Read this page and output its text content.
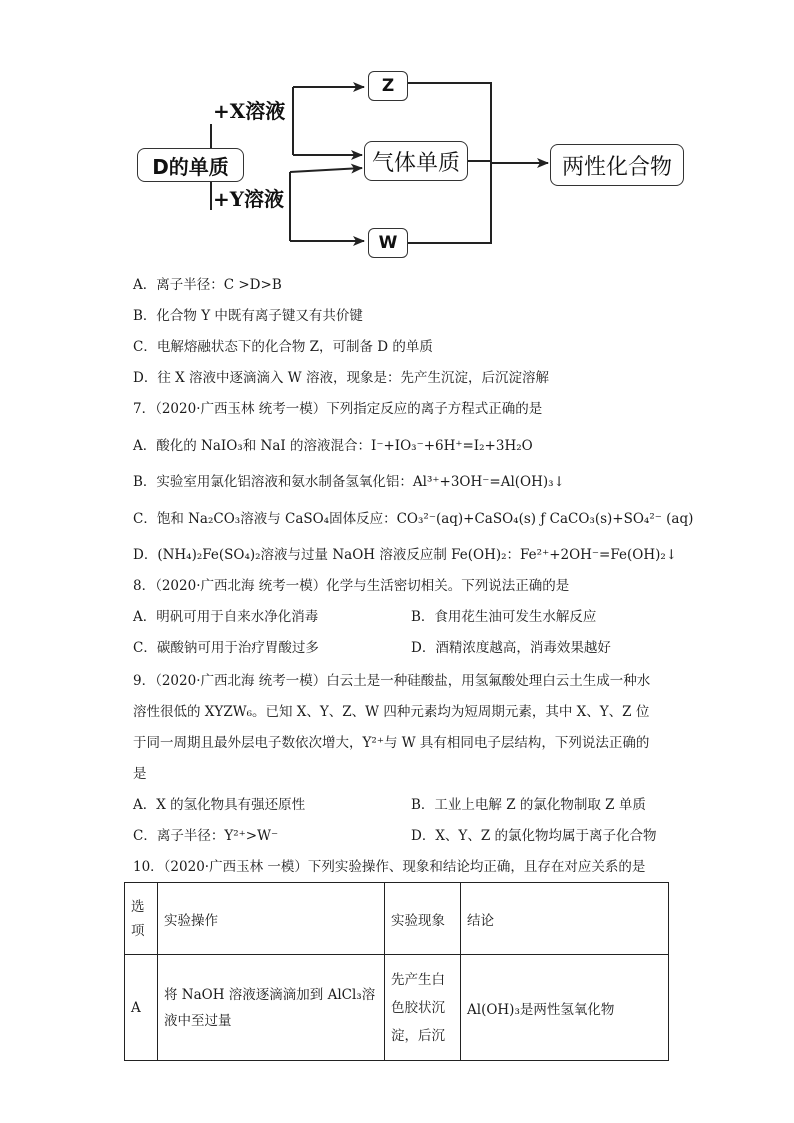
D的单质
+X溶液
+Y溶液
Z
气体单质
W
两性化合物
A．离子半径：C >D>B
B．化合物 Y 中既有离子键又有共价键
C．电解熔融状态下的化合物 Z，可制备 D 的单质
D．往 X 溶液中逐滴滴入 W 溶液，现象是：先产生沉淀，后沉淀溶解
7．（2020·广西玉林 统考一模）下列指定反应的离子方程式正确的是
A．酸化的 NaIO₃和 NaI 的溶液混合：I⁻+IO₃⁻+6H⁺=I₂+3H₂O
B．实验室用氯化铝溶液和氨水制备氢氧化铝：Al³⁺+3OH⁻=Al(OH)₃↓
C．饱和 Na₂CO₃溶液与 CaSO₄固体反应：CO₃²⁻(aq)+CaSO₄(s) ƒ CaCO₃(s)+SO₄²⁻ (aq)
D．(NH₄)₂Fe(SO₄)₂溶液与过量 NaOH 溶液反应制 Fe(OH)₂：Fe²⁺+2OH⁻=Fe(OH)₂↓
8．（2020·广西北海 统考一模）化学与生活密切相关。下列说法正确的是
A．明矾可用于自来水净化消毒	B．食用花生油可发生水解反应
C．碳酸钠可用于治疗胃酸过多	D．酒精浓度越高，消毒效果越好
9．（2020·广西北海 统考一模）白云土是一种硅酸盐，用氢氟酸处理白云土生成一种水
溶性很低的 XYZW₆。已知 X、Y、Z、W 四种元素均为短周期元素，其中 X、Y、Z 位
于同一周期且最外层电子数依次增大，Y²⁺与 W 具有相同电子层结构，下列说法正确的
是
A．X 的氢化物具有强还原性	B．工业上电解 Z 的氯化物制取 Z 单质
C．离子半径：Y²⁺>W⁻	D．X、Y、Z 的氯化物均属于离子化合物
10．（2020·广西玉林 一模）下列实验操作、现象和结论均正确，且存在对应关系的是
选项	实验操作	实验现象	结论
A	将 NaOH 溶液逐滴滴加到 AlCl₃溶液中至过量	先产生白色胶状沉淀，后沉	Al(OH)₃是两性氢氧化物
